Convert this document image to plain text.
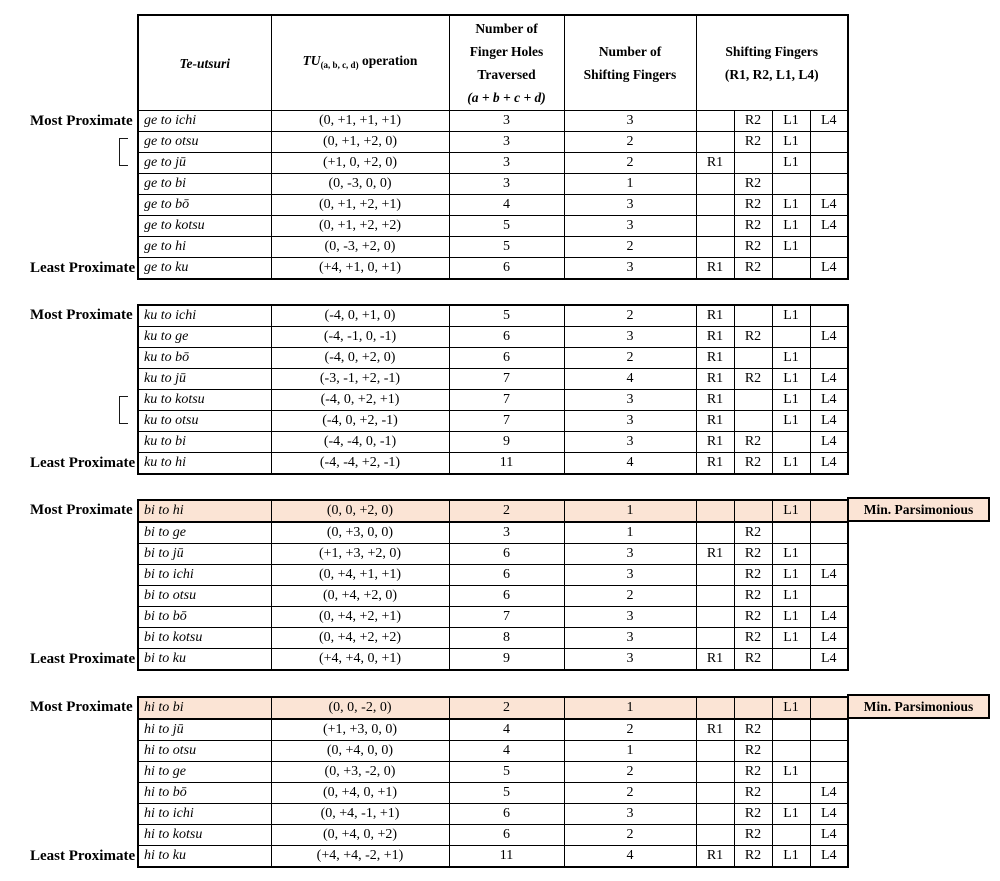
Most Proximate
Least Proximate
Te-utsuri	$TU_{(a, b, c, d)}$ operation	
Number of
Finger Holes
Traversed
(a + b + c + d)

Number of
Shifting Fingers

Shifting Fingers
(R1, R2, L1, L4)

ge to ichi	(0, +1, +1, +1)	3	3		R2	L1	L4
ge to otsu	(0, +1, +2, 0)	3	2		R2	L1	
ge to jū	(+1, 0, +2, 0)	3	2	R1		L1	
ge to bi	(0, -3, 0, 0)	3	1		R2		
ge to bō	(0, +1, +2, +1)	4	3		R2	L1	L4
ge to kotsu	(0, +1, +2, +2)	5	3		R2	L1	L4
ge to hi	(0, -3, +2, 0)	5	2		R2	L1	
ge to ku	(+4, +1, 0, +1)	6	3	R1	R2		L4
Most Proximate
Least Proximate
ku to ichi	(-4, 0, +1, 0)	5	2	R1		L1	
ku to ge	(-4, -1, 0, -1)	6	3	R1	R2		L4
ku to bō	(-4, 0, +2, 0)	6	2	R1		L1	
ku to jū	(-3, -1, +2, -1)	7	4	R1	R2	L1	L4
ku to kotsu	(-4, 0, +2, +1)	7	3	R1		L1	L4
ku to otsu	(-4, 0, +2, -1)	7	3	R1		L1	L4
ku to bi	(-4, -4, 0, -1)	9	3	R1	R2		L4
ku to hi	(-4, -4, +2, -1)	11	4	R1	R2	L1	L4
Most Proximate
Least Proximate
bi to hi	(0, 0, +2, 0)	2	1			L1	
bi to ge	(0, +3, 0, 0)	3	1		R2		
bi to jū	(+1, +3, +2, 0)	6	3	R1	R2	L1	
bi to ichi	(0, +4, +1, +1)	6	3		R2	L1	L4
bi to otsu	(0, +4, +2, 0)	6	2		R2	L1	
bi to bō	(0, +4, +2, +1)	7	3		R2	L1	L4
bi to kotsu	(0, +4, +2, +2)	8	3		R2	L1	L4
bi to ku	(+4, +4, 0, +1)	9	3	R1	R2		L4
Min. Parsimonious
Most Proximate
Least Proximate
hi to bi	(0, 0, -2, 0)	2	1			L1	
hi to jū	(+1, +3, 0, 0)	4	2	R1	R2		
hi to otsu	(0, +4, 0, 0)	4	1		R2		
hi to ge	(0, +3, -2, 0)	5	2		R2	L1	
hi to bō	(0, +4, 0, +1)	5	2		R2		L4
hi to ichi	(0, +4, -1, +1)	6	3		R2	L1	L4
hi to kotsu	(0, +4, 0, +2)	6	2		R2		L4
hi to ku	(+4, +4, -2, +1)	11	4	R1	R2	L1	L4
Min. Parsimonious
